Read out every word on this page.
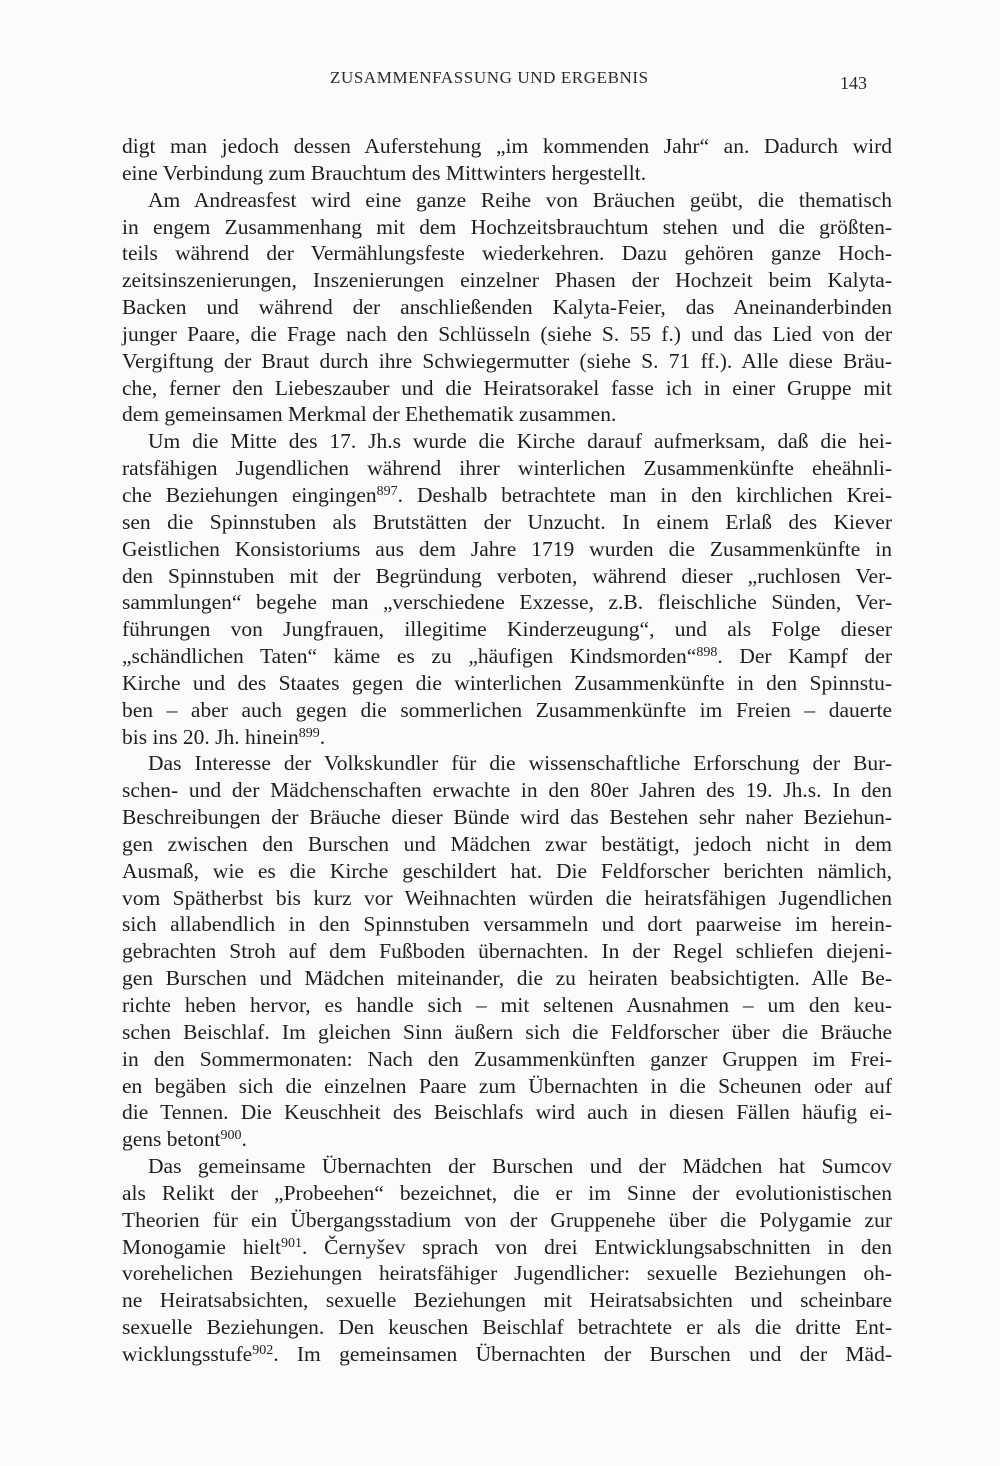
ZUSAMMENFASSUNG UND ERGEBNIS	143
digt man jedoch dessen Auferstehung „im kommenden Jahr“ an. Dadurch wird
eine Verbindung zum Brauchtum des Mittwinters hergestellt.
Am Andreasfest wird eine ganze Reihe von Bräuchen geübt, die thematisch
in engem Zusammenhang mit dem Hochzeitsbrauchtum stehen und die größten-
teils während der Vermählungsfeste wiederkehren. Dazu gehören ganze Hoch-
zeitsinszenierungen, Inszenierungen einzelner Phasen der Hochzeit beim Kalyta-
Backen und während der anschließenden Kalyta-Feier, das Aneinanderbinden
junger Paare, die Frage nach den Schlüsseln (siehe S. 55 f.) und das Lied von der
Vergiftung der Braut durch ihre Schwiegermutter (siehe S. 71 ff.). Alle diese Bräu-
che, ferner den Liebeszauber und die Heiratsorakel fasse ich in einer Gruppe mit
dem gemeinsamen Merkmal der Ehethematik zusammen.
Um die Mitte des 17. Jh.s wurde die Kirche darauf aufmerksam, daß die hei-
ratsfähigen Jugendlichen während ihrer winterlichen Zusammenkünfte eheähnli-
che Beziehungen eingingen$^{897}$. Deshalb betrachtete man in den kirchlichen Krei-
sen die Spinnstuben als Brutstätten der Unzucht. In einem Erlaß des Kiever
Geistlichen Konsistoriums aus dem Jahre 1719 wurden die Zusammenkünfte in
den Spinnstuben mit der Begründung verboten, während dieser „ruchlosen Ver-
sammlungen“ begehe man „verschiedene Exzesse, z.B. fleischliche Sünden, Ver-
führungen von Jungfrauen, illegitime Kinderzeugung“, und als Folge dieser
„schändlichen Taten“ käme es zu „häufigen Kindsmorden“$^{898}$. Der Kampf der
Kirche und des Staates gegen die winterlichen Zusammenkünfte in den Spinnstu-
ben – aber auch gegen die sommerlichen Zusammenkünfte im Freien – dauerte
bis ins 20. Jh. hinein$^{899}$.
Das Interesse der Volkskundler für die wissenschaftliche Erforschung der Bur-
schen- und der Mädchenschaften erwachte in den 80er Jahren des 19. Jh.s. In den
Beschreibungen der Bräuche dieser Bünde wird das Bestehen sehr naher Beziehun-
gen zwischen den Burschen und Mädchen zwar bestätigt, jedoch nicht in dem
Ausmaß, wie es die Kirche geschildert hat. Die Feldforscher berichten nämlich,
vom Spätherbst bis kurz vor Weihnachten würden die heiratsfähigen Jugendlichen
sich allabendlich in den Spinnstuben versammeln und dort paarweise im herein-
gebrachten Stroh auf dem Fußboden übernachten. In der Regel schliefen diejeni-
gen Burschen und Mädchen miteinander, die zu heiraten beabsichtigten. Alle Be-
richte heben hervor, es handle sich – mit seltenen Ausnahmen – um den keu-
schen Beischlaf. Im gleichen Sinn äußern sich die Feldforscher über die Bräuche
in den Sommermonaten: Nach den Zusammenkünften ganzer Gruppen im Frei-
en begäben sich die einzelnen Paare zum Übernachten in die Scheunen oder auf
die Tennen. Die Keuschheit des Beischlafs wird auch in diesen Fällen häufig ei-
gens betont$^{900}$.
Das gemeinsame Übernachten der Burschen und der Mädchen hat Sumcov
als Relikt der „Probeehen“ bezeichnet, die er im Sinne der evolutionistischen
Theorien für ein Übergangsstadium von der Gruppenehe über die Polygamie zur
Monogamie hielt$^{901}$. Černyšev sprach von drei Entwicklungsabschnitten in den
vorehelichen Beziehungen heiratsfähiger Jugendlicher: sexuelle Beziehungen oh-
ne Heiratsabsichten, sexuelle Beziehungen mit Heiratsabsichten und scheinbare
sexuelle Beziehungen. Den keuschen Beischlaf betrachtete er als die dritte Ent-
wicklungsstufe$^{902}$. Im gemeinsamen Übernachten der Burschen und der Mäd-
